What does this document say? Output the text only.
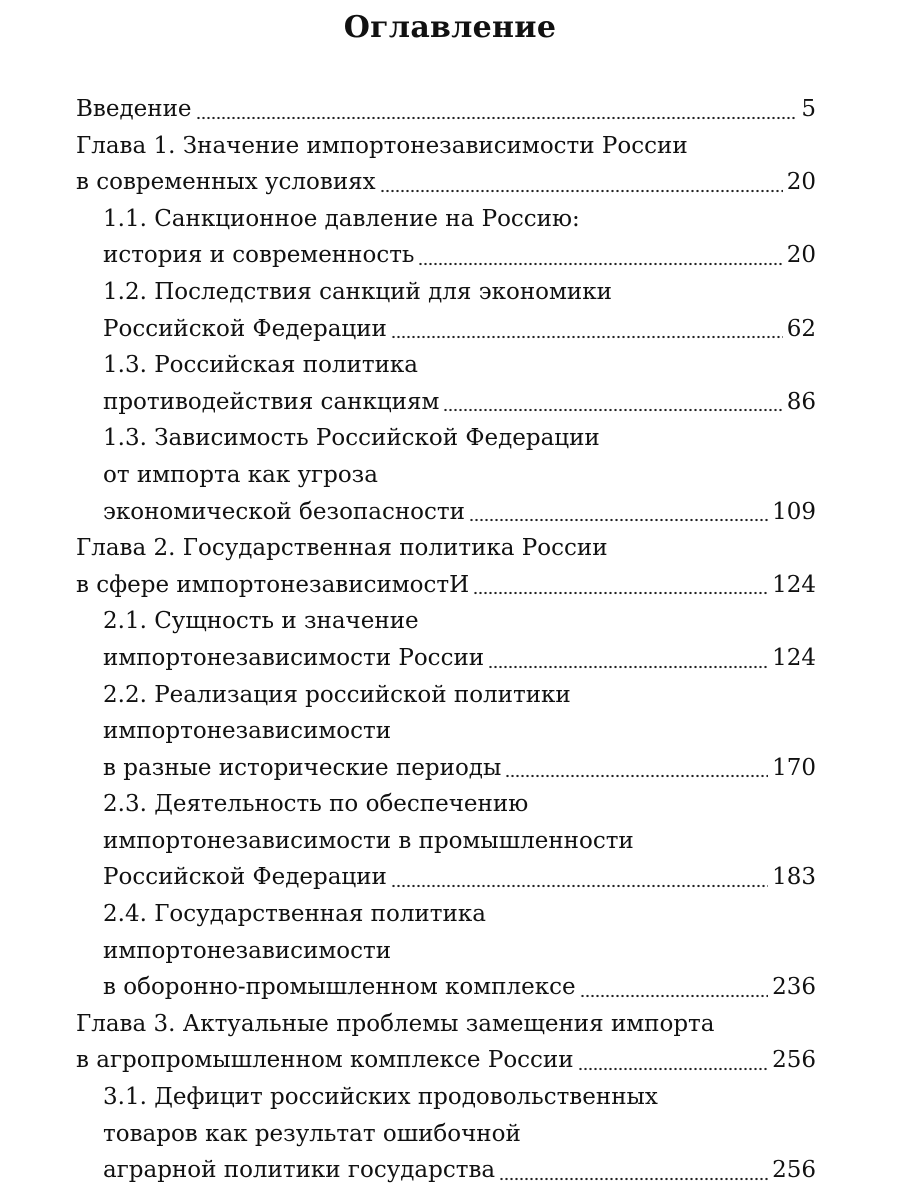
Оглавление
Введение	5
Глава 1. Значение импортонезависимости России
в современных условиях	20
1.1. Санкционное давление на Россию:
история и современность	20
1.2. Последствия санкций для экономики
Российской Федерации	62
1.3. Российская политика
противодействия санкциям	86
1.3. Зависимость Российской Федерации
от импорта как угроза
экономической безопасности	109
Глава 2. Государственная политика России
в сфере импортонезависимостИ	124
2.1. Сущность и значение
импортонезависимости России	124
2.2. Реализация российской политики
импортонезависимости
в разные исторические периоды	170
2.3. Деятельность по обеспечению
импортонезависимости в промышленности
Российской Федерации	183
2.4. Государственная политика
импортонезависимости
в оборонно-промышленном комплексе	236
Глава 3. Актуальные проблемы замещения импорта
в агропромышленном комплексе России	256
3.1. Дефицит российских продовольственных
товаров как результат ошибочной
аграрной политики государства	256
